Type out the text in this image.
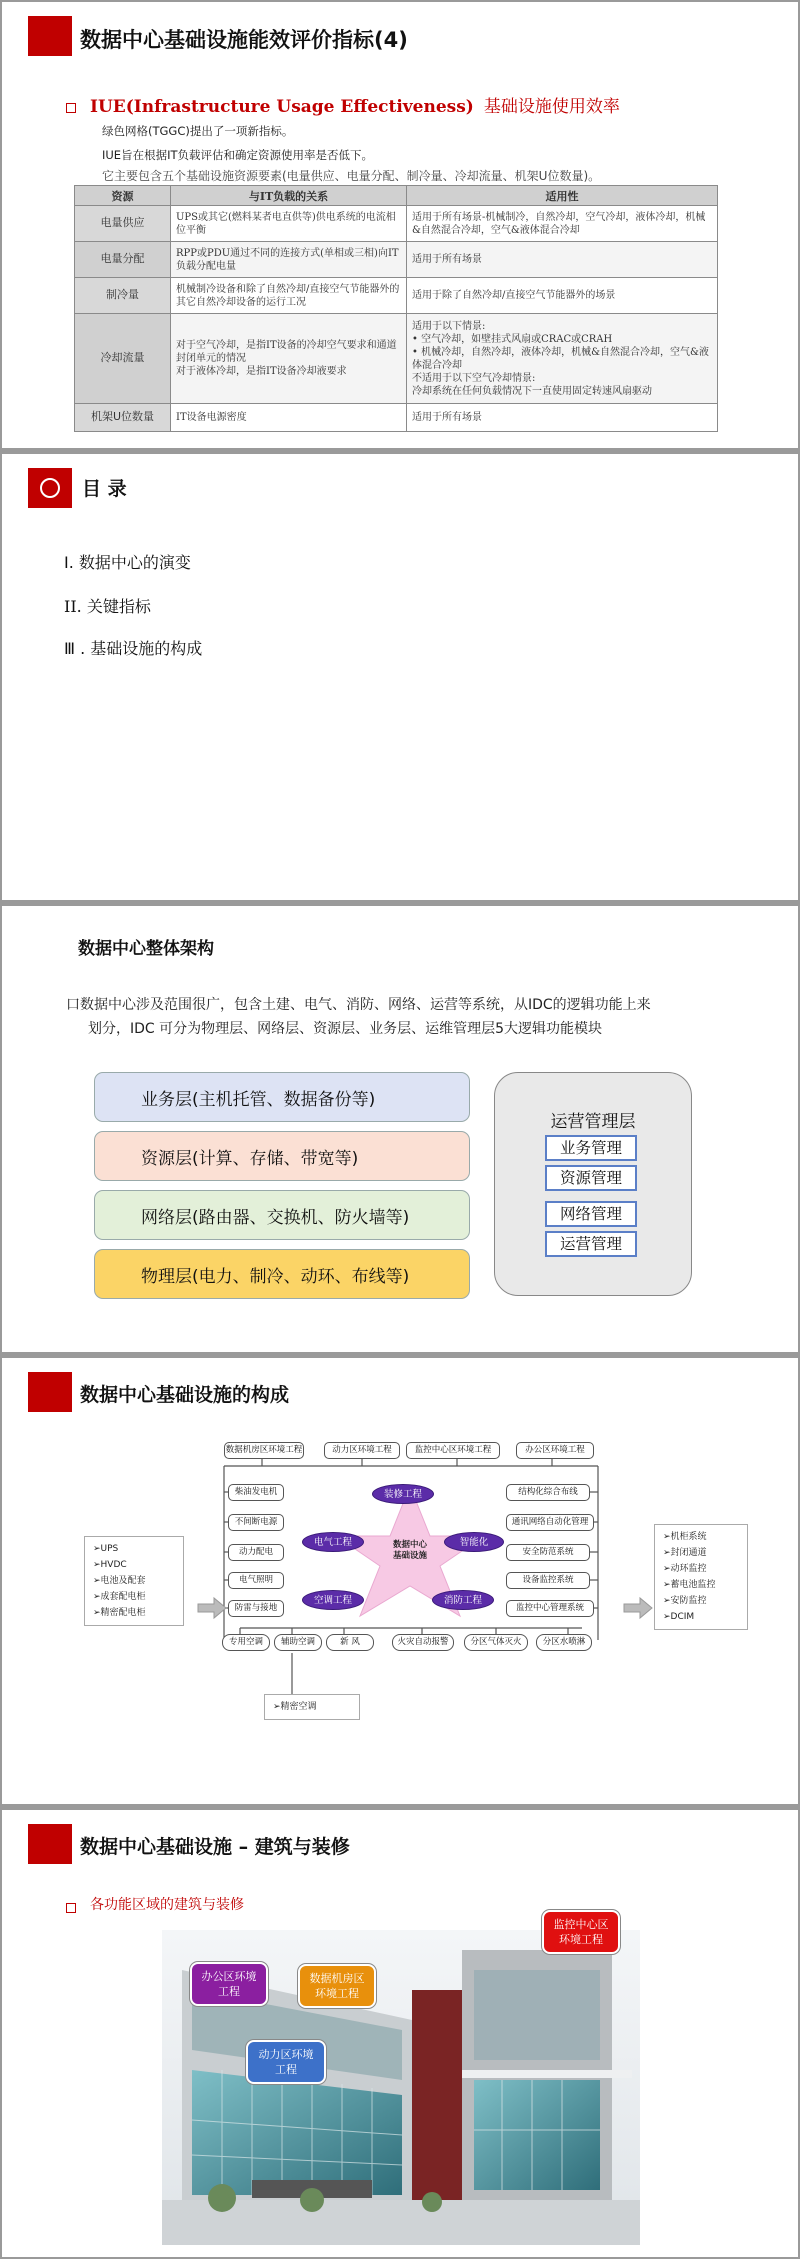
数据中心基础设施能效评价指标(4)
IUE(Infrastructure Usage Effectiveness) 基础设施使用效率
绿色网格(TGGC)提出了一项新指标。
IUE旨在根据IT负载评估和确定资源使用率是否低下。
它主要包含五个基础设施资源要素(电量供应、电量分配、制冷量、冷却流量、机架U位数量)。
资源	与IT负载的关系	适用性
电量供应	UPS或其它(燃料某者电直供等)供电系统的电流相位平衡	适用于所有场景-机械制冷，自然冷却，空气冷却，液体冷却，机械&自然混合冷却，空气&液体混合冷却
电量分配	RPP或PDU通过不同的连接方式(单相或三相)向IT负载分配电量	适用于所有场景
制冷量	机械制冷设备和除了自然冷却/直接空气节能器外的其它自然冷却设备的运行工况	适用于除了自然冷却/直接空气节能器外的场景
冷却流量	对于空气冷却，是指IT设备的冷却空气要求和通道封闭单元的情况
对于液体冷却，是指IT设备冷却液要求	适用于以下情景:
• 空气冷却，如壁挂式风扇或CRAC或CRAH
• 机械冷却，自然冷却，液体冷却，机械&自然混合冷却，空气&液体混合冷却
不适用于以下空气冷却情景:
冷却系统在任何负载情况下一直使用固定转速风扇驱动
机架U位数量	IT设备电源密度	适用于所有场景
目 录
I. 数据中心的演变
II. 关键指标
Ⅲ . 基础设施的构成
数据中心整体架构
口数据中心涉及范围很广，包含土建、电气、消防、网络、运营等系统，从IDC的逻辑功能上来
划分，IDC 可分为物理层、网络层、资源层、业务层、运维管理层5大逻辑功能模块
业务层(主机托管、数据备份等)
资源层(计算、存储、带宽等)
网络层(路由器、交换机、防火墙等)
物理层(电力、制冷、动环、布线等)
运营管理层
业务管理
资源管理
网络管理
运营管理
数据中心基础设施的构成
数据机房区环境工程	动力区环境工程	监控中心区环境工程	办公区环境工程
柴油发电机
不间断电源
动力配电
电气照明
防雷与接地
结构化综合布线
通讯网络自动化管理
安全防范系统
设备监控系统
监控中心管理系统
专用空调	辅助空调	新 风	火灾自动报警	分区气体灭火	分区水喷淋
数据中心
基础设施
装修工程
电气工程	智能化
空调工程	消防工程
➢UPS
➢HVDC
➢电池及配套
➢成套配电柜
➢精密配电柜
➢机柜系统
➢封闭通道
➢动环监控
➢蓄电池监控
➢安防监控
➢DCIM
➢精密空调
数据中心基础设施 – 建筑与装修
各功能区域的建筑与装修
办公区环境
工程
数据机房区
环境工程
动力区环境
工程
监控中心区
环境工程
